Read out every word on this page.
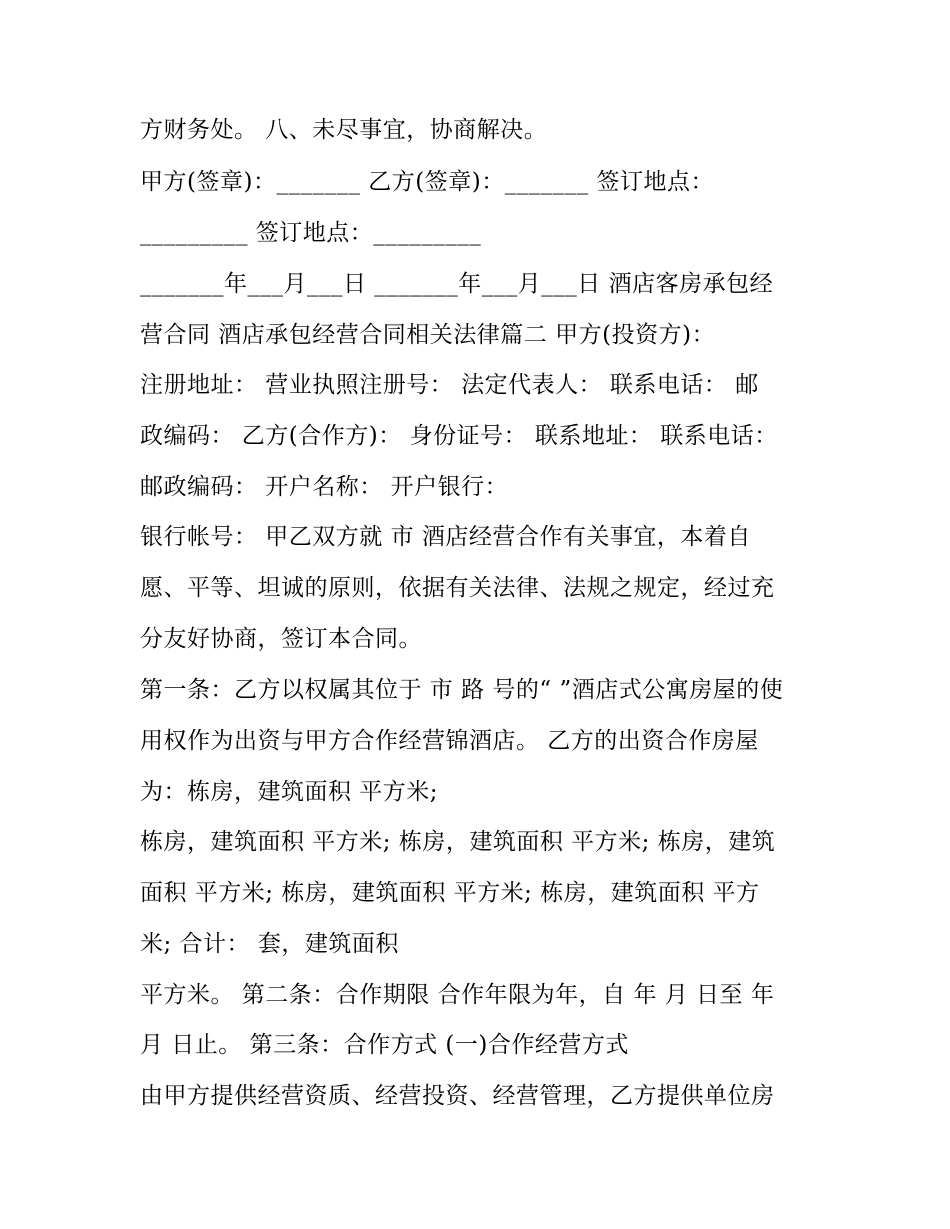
方财务处。 八、未尽事宜，协商解决。
甲方(签章)：_______ 乙方(签章)：_______ 签订地点：
_________ 签订地点：_________
_______年___月___日 _______年___月___日 酒店客房承包经
营合同 酒店承包经营合同相关法律篇二 甲方(投资方)：
注册地址： 营业执照注册号： 法定代表人： 联系电话： 邮
政编码： 乙方(合作方)： 身份证号： 联系地址： 联系电话：
邮政编码： 开户名称： 开户银行：
银行帐号： 甲乙双方就 市 酒店经营合作有关事宜，本着自
愿、平等、坦诚的原则，依据有关法律、法规之规定，经过充
分友好协商，签订本合同。
第一条：乙方以权属其位于 市 路 号的“ ”酒店式公寓房屋的使
用权作为出资与甲方合作经营锦酒店。 乙方的出资合作房屋
为：栋房，建筑面积 平方米;
栋房，建筑面积 平方米; 栋房，建筑面积 平方米; 栋房，建筑
面积 平方米; 栋房，建筑面积 平方米; 栋房，建筑面积 平方
米; 合计： 套，建筑面积
平方米。 第二条：合作期限 合作年限为年，自 年 月 日至 年
月 日止。 第三条：合作方式 (一)合作经营方式
由甲方提供经营资质、经营投资、经营管理，乙方提供单位房
